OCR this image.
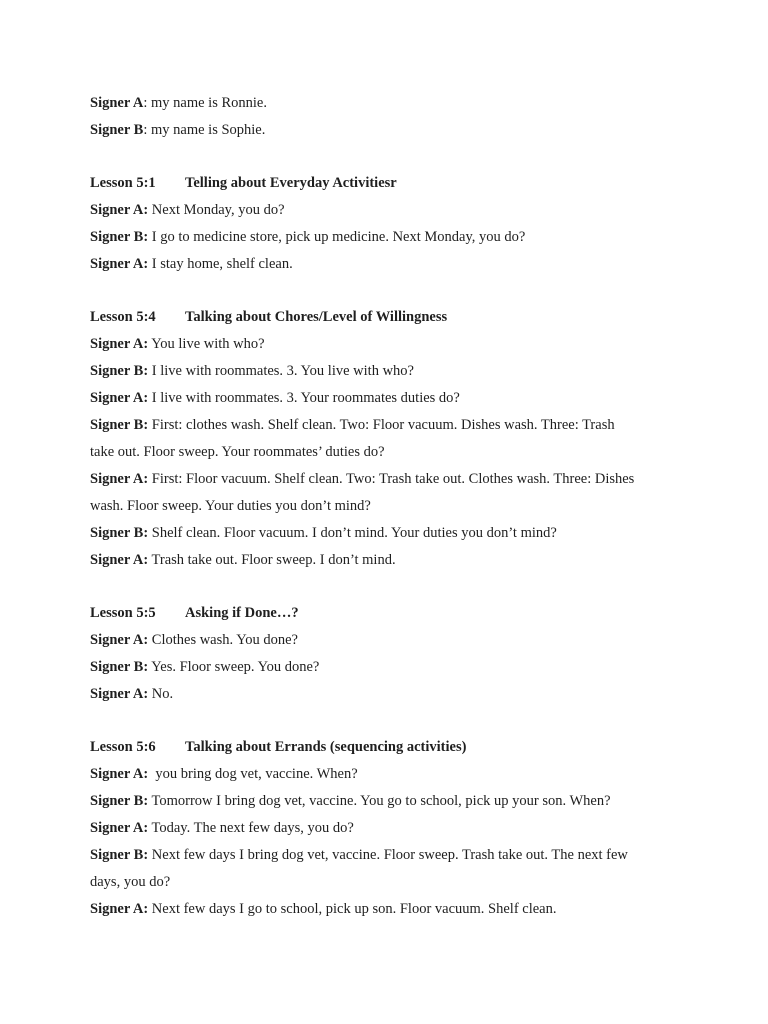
Signer A: my name is Ronnie.
Signer B: my name is Sophie.
Lesson 5:1	Telling about Everyday Activitiesr
Signer A: Next Monday, you do?
Signer B: I go to medicine store, pick up medicine. Next Monday, you do?
Signer A: I stay home, shelf clean.
Lesson 5:4	Talking about Chores/Level of Willingness
Signer A: You live with who?
Signer B: I live with roommates. 3. You live with who?
Signer A: I live with roommates. 3. Your roommates duties do?
Signer B: First: clothes wash. Shelf clean. Two: Floor vacuum. Dishes wash. Three: Trash
take out. Floor sweep. Your roommates’ duties do?
Signer A: First: Floor vacuum. Shelf clean. Two: Trash take out. Clothes wash. Three: Dishes
wash. Floor sweep. Your duties you don’t mind?
Signer B: Shelf clean. Floor vacuum. I don’t mind. Your duties you don’t mind?
Signer A: Trash take out. Floor sweep. I don’t mind.
Lesson 5:5	Asking if Done…?
Signer A: Clothes wash. You done?
Signer B: Yes. Floor sweep. You done?
Signer A: No.
Lesson 5:6	Talking about Errands (sequencing activities)
Signer A:  you bring dog vet, vaccine. When?
Signer B: Tomorrow I bring dog vet, vaccine. You go to school, pick up your son. When?
Signer A: Today. The next few days, you do?
Signer B: Next few days I bring dog vet, vaccine. Floor sweep. Trash take out. The next few
days, you do?
Signer A: Next few days I go to school, pick up son. Floor vacuum. Shelf clean.
